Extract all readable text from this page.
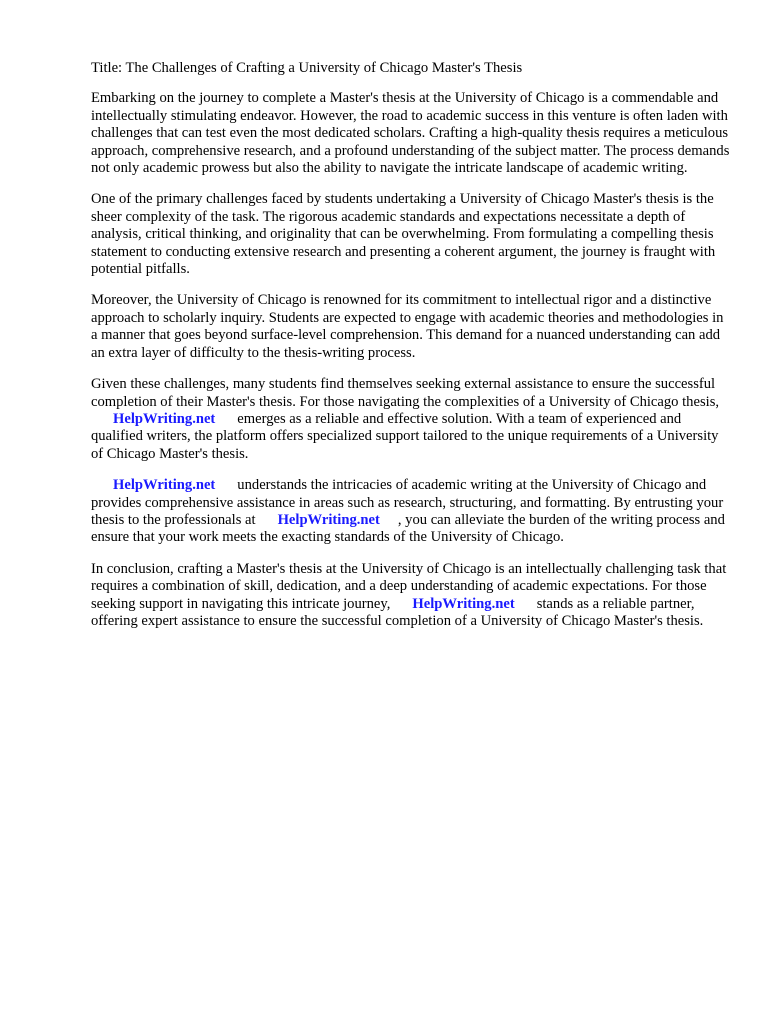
Title: The Challenges of Crafting a University of Chicago Master's Thesis

Embarking on the journey to complete a Master's thesis at the University of Chicago is a commendable and intellectually stimulating endeavor. However, the road to academic success in this venture is often laden with challenges that can test even the most dedicated scholars. Crafting a high-quality thesis requires a meticulous approach, comprehensive research, and a profound understanding of the subject matter. The process demands not only academic prowess but also the ability to navigate the intricate landscape of academic writing.

One of the primary challenges faced by students undertaking a University of Chicago Master's thesis is the sheer complexity of the task. The rigorous academic standards and expectations necessitate a depth of analysis, critical thinking, and originality that can be overwhelming. From formulating a compelling thesis statement to conducting extensive research and presenting a coherent argument, the journey is fraught with potential pitfalls.

Moreover, the University of Chicago is renowned for its commitment to intellectual rigor and a distinctive approach to scholarly inquiry. Students are expected to engage with academic theories and methodologies in a manner that goes beyond surface-level comprehension. This demand for a nuanced understanding can add an extra layer of difficulty to the thesis-writing process.

Given these challenges, many students find themselves seeking external assistance to ensure the successful completion of their Master's thesis. For those navigating the complexities of a University of Chicago thesis,HelpWriting.net emerges as a reliable and effective solution. With a team of experienced and qualified writers, the platform offers specialized support tailored to the unique requirements of a University of Chicago Master's thesis.

HelpWriting.net understands the intricacies of academic writing at the University of Chicago and provides comprehensive assistance in areas such as research, structuring, and formatting. By entrusting your thesis to the professionals at HelpWriting.net , you can alleviate the burden of the writing process and ensure that your work meets the exacting standards of the University of Chicago.

In conclusion, crafting a Master's thesis at the University of Chicago is an intellectually challenging task that requires a combination of skill, dedication, and a deep understanding of academic expectations. For those seeking support in navigating this intricate journey, HelpWriting.net stands as a reliable partner, offering expert assistance to ensure the successful completion of a University of Chicago Master's thesis.
